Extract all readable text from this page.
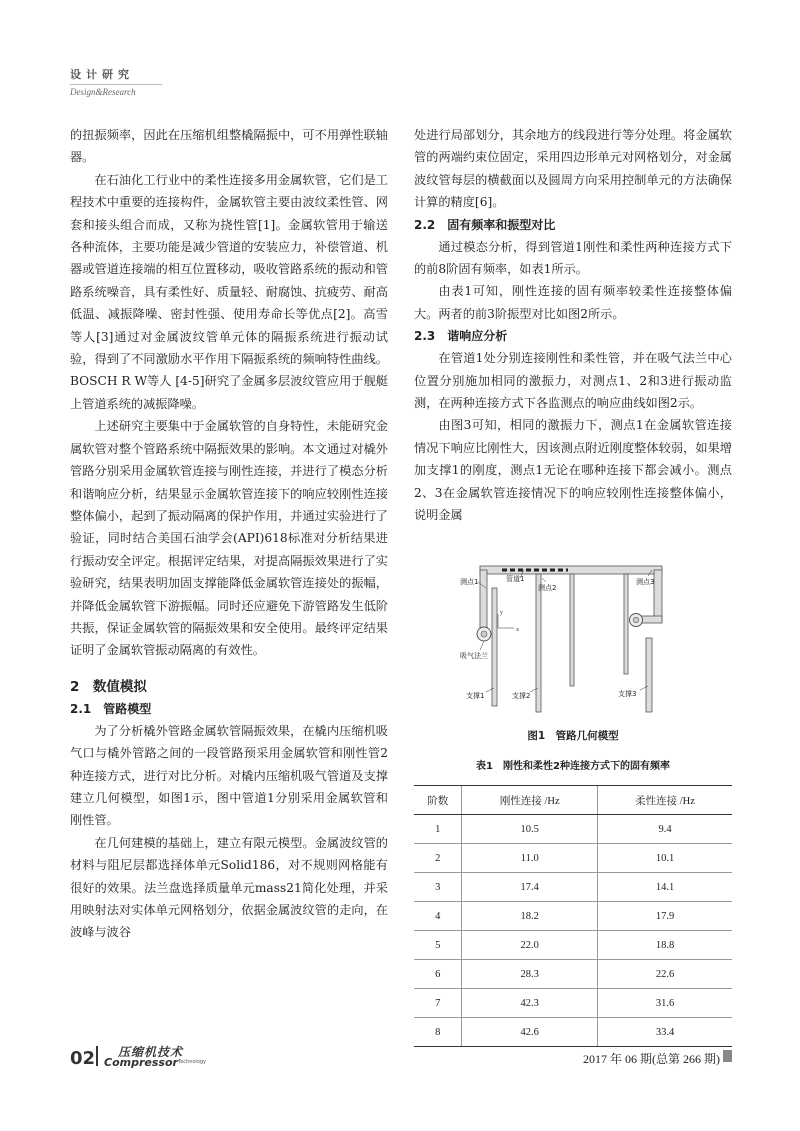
设计研究
Design&Research

的扭振频率，因此在压缩机组整橇隔振中，可不用弹性联轴器。

在石油化工行业中的柔性连接多用金属软管，它们是工程技术中重要的连接构件，金属软管主要由波纹柔性管、网套和接头组合而成，又称为挠性管[1]。金属软管用于输送各种流体，主要功能是减少管道的安装应力，补偿管道、机器或管道连接端的相互位置移动，吸收管路系统的振动和管路系统噪音，具有柔性好、质量轻、耐腐蚀、抗疲劳、耐高低温、减振降噪、密封性强、使用寿命长等优点[2]。高雪等人[3]通过对金属波纹管单元体的隔振系统进行振动试验，得到了不同激励水平作用下隔振系统的频响特性曲线。BOSCH R W等人 [4-5]研究了金属多层波纹管应用于舰艇上管道系统的减振降噪。

上述研究主要集中于金属软管的自身特性，未能研究金属软管对整个管路系统中隔振效果的影响。本文通过对橇外管路分别采用金属软管连接与刚性连接，并进行了模态分析和谐响应分析，结果显示金属软管连接下的响应较刚性连接整体偏小，起到了振动隔离的保护作用，并通过实验进行了验证，同时结合美国石油学会(API)618标准对分析结果进行振动安全评定。根据评定结果，对提高隔振效果进行了实验研究，结果表明加固支撑能降低金属软管连接处的振幅，并降低金属软管下游振幅。同时还应避免下游管路发生低阶共振，保证金属软管的隔振效果和安全使用。最终评定结果证明了金属软管振动隔离的有效性。

2　数值模拟
2.1　管路模型

为了分析橇外管路金属软管隔振效果，在橇内压缩机吸气口与橇外管路之间的一段管路预采用金属软管和刚性管2种连接方式，进行对比分析。对橇内压缩机吸气管道及支撑建立几何模型，如图1示，图中管道1分别采用金属软管和刚性管。

在几何建模的基础上，建立有限元模型。金属波纹管的材料与阻尼层都选择体单元Solid186，对不规则网格能有很好的效果。法兰盘选择质量单元mass21简化处理，并采用映射法对实体单元网格划分，依据金属波纹管的走向，在波峰与波谷

处进行局部划分，其余地方的线段进行等分处理。将金属软管的两端约束位固定，采用四边形单元对网格划分，对金属波纹管每层的横截面以及圆周方向采用控制单元的方法确保计算的精度[6]。

2.2　固有频率和振型对比

通过模态分析，得到管道1刚性和柔性两种连接方式下的前8阶固有频率，如表1所示。

由表1可知，刚性连接的固有频率较柔性连接整体偏大。两者的前3阶振型对比如图2所示。

2.3　谐响应分析

在管道1处分别连接刚性和柔性管，并在吸气法兰中心位置分别施加相同的激振力，对测点1、2和3进行振动监测，在两种连接方式下各监测点的响应曲线如图2示。

由图3可知，相同的激振力下，测点1在金属软管连接情况下响应比刚性大，因该测点附近刚度整体较弱，如果增加支撑1的刚度，测点1无论在哪种连接下都会减小。测点2、3在金属软管连接情况下的响应较刚性连接整体偏小，说明金属

y
x
测点1	管道1
测点2
测点3
吸气法兰
支撑1	支撑2	支撑3
图1　管路几何模型
表1　刚性和柔性2种连接方式下的固有频率
阶数	刚性连接 /Hz	柔性连接 /Hz
1	10.5	9.4
2	11.0	10.1
3	17.4	14.1
4	18.2	17.9
5	22.0	18.8
6	28.3	22.6
7	42.3	31.6
8	42.6	33.4
02 压缩机技术
Compressor Technology	2017 年 06 期(总第 266 期)
